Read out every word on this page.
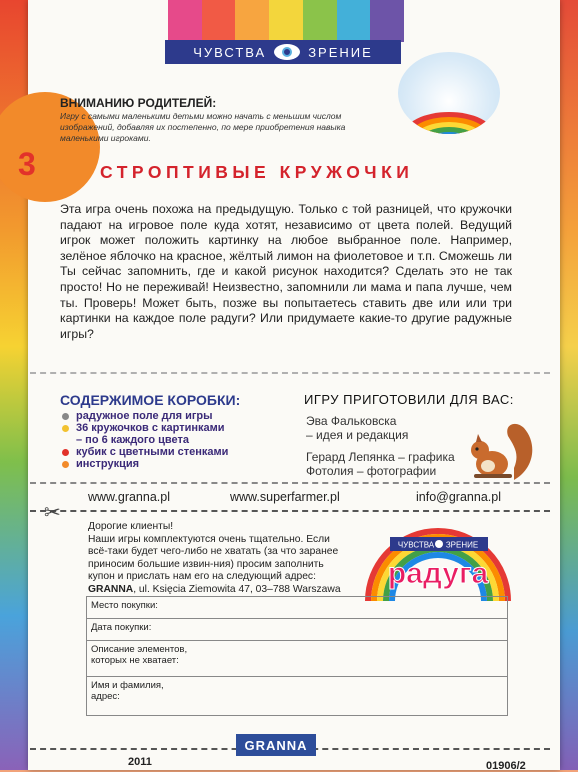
ЧУВСТВА	ЗРЕНИЕ
3
ВНИМАНИЮ РОДИТЕЛЕЙ:
Игру с самыми маленькими детьми можно начать с меньшим числом изображений, добавляя их постепенно, по мере приобретения навыка маленькими игроками.
СТРОПТИВЫЕ КРУЖОЧКИ
Эта игра очень похожа на предыдущую. Только с той разницей, что кружочки падают на игровое поле куда хотят, независимо от цвета полей. Ведущий игрок может положить картинку на любое выбранное поле. Например, зелёное яблочко на красное, жёлтый лимон на фиолетовое и т.п. Сможешь ли Ты сейчас запомнить, где и какой рисунок находится? Сделать это не так просто! Но не переживай! Неизвестно, запомнили ли мама и папа лучше, чем ты. Проверь! Может быть, позже вы попытаетесь ставить две или или три картинки на каждое поле радуги? Или придумаете какие-то другие радужные игры?
СОДЕРЖИМОЕ КОРОБКИ:
радужное поле для игры
36 кружочков с картинками
– по 6 каждого цвета
кубик с цветными стенками
инструкция
ИГРУ ПРИГОТОВИЛИ ДЛЯ ВАС:
Эва Фальковска
– идея и редакция
Герард Лепянка – графика
Фотолия – фотографии
www.granna.pl	www.superfarmer.pl	info@granna.pl
✂
Дорогие клиенты!
Наши игры комплектуются очень тщательно. Если всё-таки будет чего-либо не хватать (за что заранее приносим большие извин-ния) просим заполнить купон и прислать нам его на следующий адрес:
GRANNA, ul. Księcia Ziemowita 47, 03–788 Warszawa
ЧУВСТВА ЗРЕНИЕ
радуга
Место покупки:
Дата покупки:
Описание элементов,
которых не хватает:
Имя и фамилия,
адрес:
GRANNA
2011	01906/2
